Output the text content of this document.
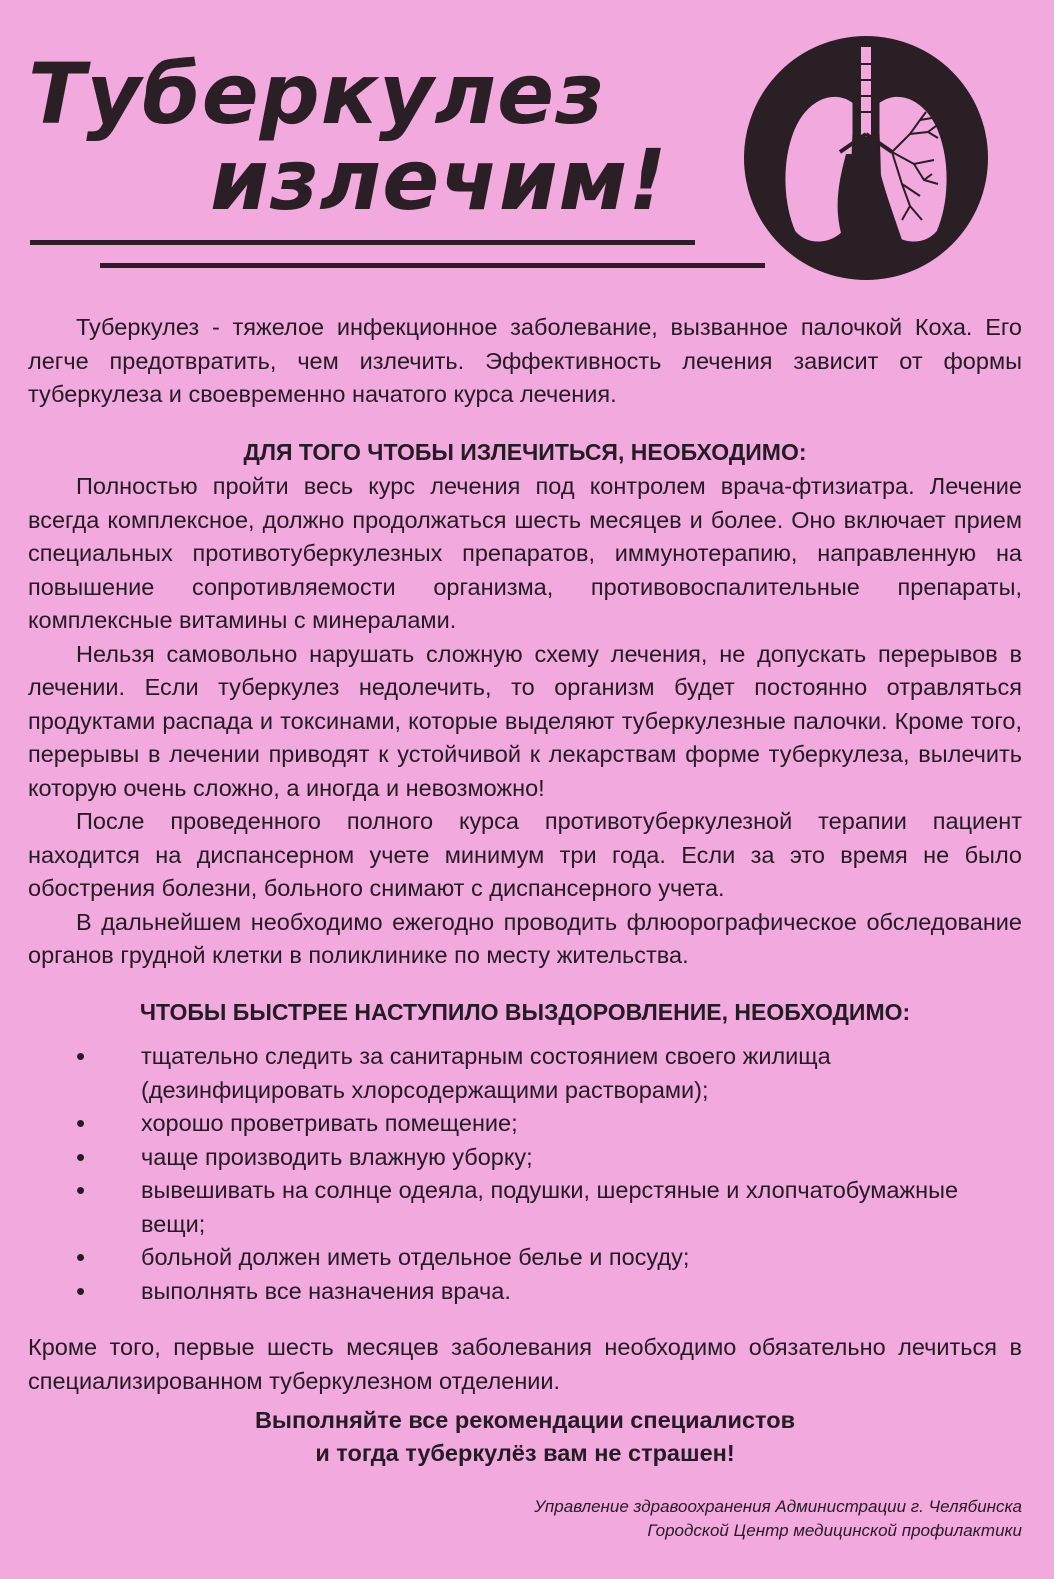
Туберкулез
излечим!

Туберкулез - тяжелое инфекционное заболевание, вызванное палочкой Коха. Его легче предотвратить, чем излечить. Эффективность лечения зависит от формы туберкулеза и своевременно начатого курса лечения.

ДЛЯ ТОГО ЧТОБЫ ИЗЛЕЧИТЬСЯ, НЕОБХОДИМО:

Полностью пройти весь курс лечения под контролем врача-фтизиатра. Лечение всегда комплексное, должно продолжаться шесть месяцев и более. Оно включает прием специальных противотуберкулезных препаратов, иммунотерапию, направленную на повышение сопротивляемости организма, противовоспалительные препараты, комплексные витамины с минералами.

Нельзя самовольно нарушать сложную схему лечения, не допускать перерывов в лечении. Если туберкулез недолечить, то организм будет постоянно отравляться продуктами распада и токсинами, которые выделяют туберкулезные палочки. Кроме того, перерывы в лечении приводят к устойчивой к лекарствам форме туберкулеза, вылечить которую очень сложно, а иногда и невозможно!

После проведенного полного курса противотуберкулезной терапии пациент находится на диспансерном учете минимум три года. Если за это время не было обострения болезни, больного снимают с диспансерного учета.

В дальнейшем необходимо ежегодно проводить флюорографическое обследование органов грудной клетки в поликлинике по месту жительства.

ЧТОБЫ БЫСТРЕЕ НАСТУПИЛО ВЫЗДОРОВЛЕНИЕ, НЕОБХОДИМО:
• тщательно следить за санитарным состоянием своего жилища (дезинфицировать хлорсодержащими растворами);
• хорошо проветривать помещение;
• чаще производить влажную уборку;
• вывешивать на солнце одеяла, подушки, шерстяные и хлопчатобумажные вещи;
• больной должен иметь отдельное белье и посуду;
• выполнять все назначения врача.

Кроме того, первые шесть месяцев заболевания необходимо обязательно лечиться в специализированном туберкулезном отделении.

Выполняйте все рекомендации специалистов
и тогда туберкулёз вам не страшен!
Управление здравоохранения Администрации г. Челябинска
Городской Центр медицинской профилактики
